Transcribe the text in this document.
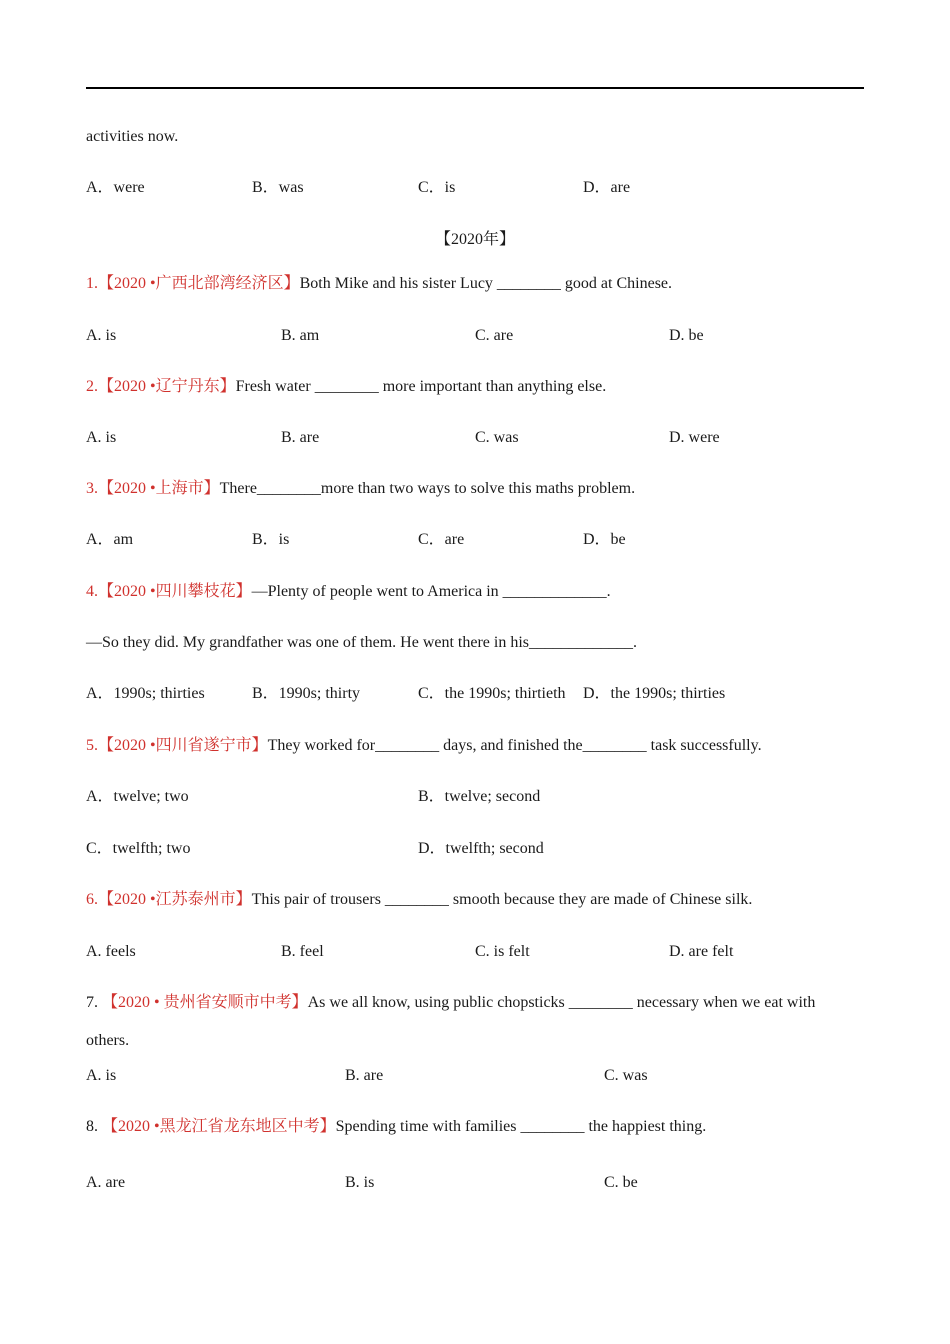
activities now.
A．were	B．was	C．is	D．are
【2020年】
1.【2020 •广西北部湾经济区】Both Mike and his sister Lucy ________ good at Chinese.
A. is	B. am	C. are	D. be
2.【2020 •辽宁丹东】Fresh water ________ more important than anything else.
A. is	B. are	C. was	D. were
3.【2020 •上海市】There________more than two ways to solve this maths problem.
A．am	B．is	C．are	D．be
4.【2020 •四川攀枝花】—Plenty of people went to America in _____________.
—So they did. My grandfather was one of them. He went there in his_____________.
A．1990s; thirties	B．1990s; thirty	C．the 1990s; thirtieth D．the 1990s; thirties
5.【2020 •四川省遂宁市】They worked for________ days, and finished the________ task successfully.
A．twelve; two	B．twelve; second
C．twelfth; two	D．twelfth; second
6.【2020 •江苏泰州市】This pair of trousers ________ smooth because they are made of Chinese silk.
A. feels	B. feel	C. is felt	D. are felt
7. 【2020 • 贵州省安顺市中考】As we all know, using public chopsticks ________ necessary when we eat with
others.
A. is	B. are	C. was
8. 【2020 •黑龙江省龙东地区中考】Spending time with families ________ the happiest thing.
A. are	B. is	C. be
